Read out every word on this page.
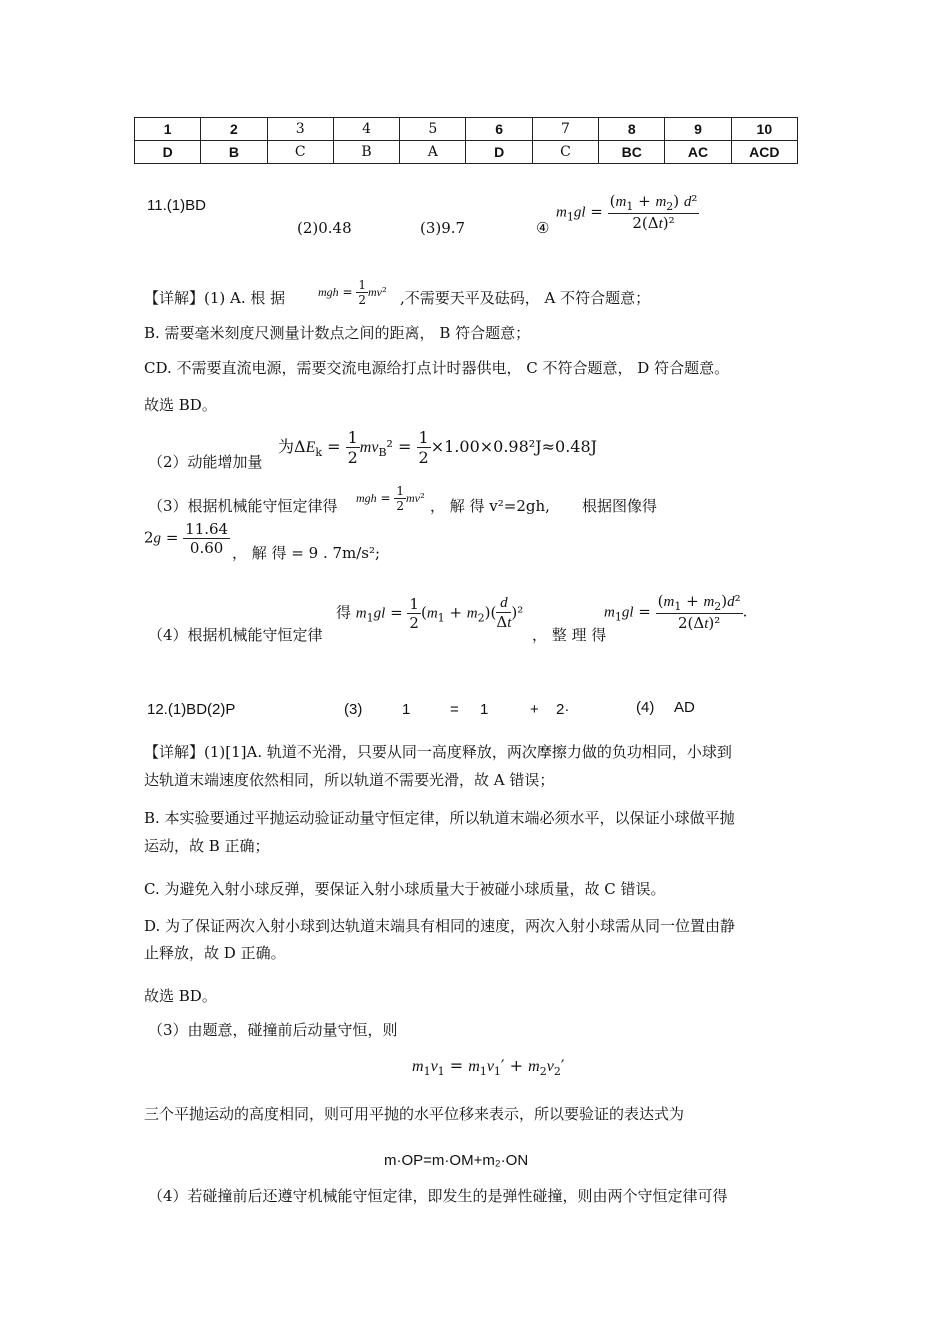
1	2	3	4	5	6	7	8	9	10
D	B	C	B	A	D	C	BC	AC	ACD
11.(1)BD
(2)0.48	(3)9.7	④
$m_1gl = \frac{(m_1 + m_2) d^2}{\text{2(Δt)²}}$
【详解】(1) A. 根 据	mgh = $\frac{1}{2} mv^2$ ,不需要天平及砝码， A 不符合题意；
B. 需要毫米刻度尺测量计数点之间的距离， B 符合题意；
CD. 不需要直流电源，需要交流电源给打点计时器供电， C 不符合题意， D 符合题意。
故选 BD。
（2）动能增加量
为$\Delta E_k = \frac{1}{2} mv_B^2 = \frac{1}{2} \times 1.00\times 0.98^2J\approx 0.48J$
（3）根据机械能守恒定律得 mgh = $\frac{1}{2} mv^2$ ， 解 得 v²=2gh, 根据图像得
$2g = \frac{11.64}{0.60}$ ， 解 得 = 9 . 7m/s²;
（4）根据机械能守恒定律
得 $m_1gl = \frac{1}{2} (m_1 + m_2)( \frac{d}{\Delta t} )^2$
， 整 理 得
$m_1gl = \frac{(m_1 + m_2)d^2}{\text{2(Δt)²}}$ .
12.(1)BD(2)P	(3)	1	= 1	+ 2·	(4) AD
【详解】(1)[1]A. 轨道不光滑，只要从同一高度释放，两次摩擦力做的负功相同，小球到
达轨道末端速度依然相同，所以轨道不需要光滑，故 A 错误；
B. 本实验要通过平抛运动验证动量守恒定律，所以轨道末端必须水平，以保证小球做平抛
运动，故 B 正确；
C. 为避免入射小球反弹，要保证入射小球质量大于被碰小球质量，故 C 错误。
D. 为了保证两次入射小球到达轨道末端具有相同的速度，两次入射小球需从同一位置由静
止释放，故 D 正确。
故选 BD。
（3）由题意，碰撞前后动量守恒，则
$m_1v_1 = m_1v_1' + m_2v_2'$
三个平抛运动的高度相同，则可用平抛的水平位移来表示，所以要验证的表达式为
m·OP=m·OM+m₂·ON
（4）若碰撞前后还遵守机械能守恒定律，即发生的是弹性碰撞，则由两个守恒定律可得
